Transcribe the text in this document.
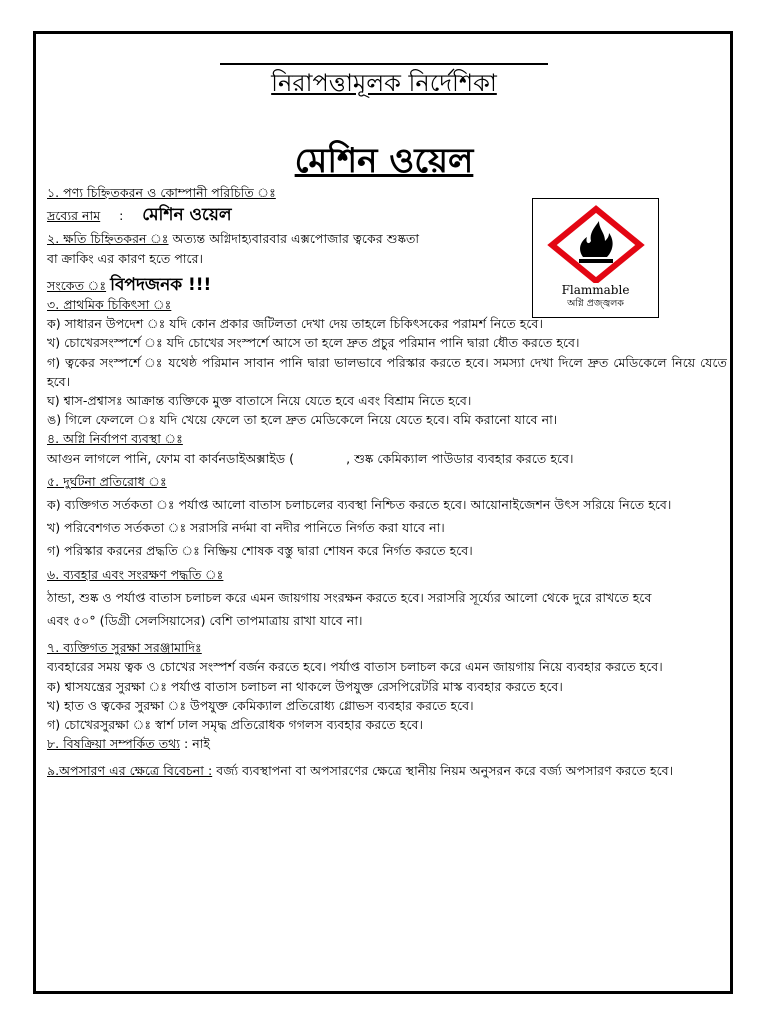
নিরাপত্তামূলক নির্দেশিকা
মেশিন ওয়েল
Flammable
অগ্নি প্রজ্জ্বলক
১. পণ্য চিহ্নিতকরন ও কোম্পানী পরিচিতি ঃ
দ্রব্যের নাম : মেশিন ওয়েল
২. ক্ষতি চিহ্নিতকরন ঃ অত্যন্ত অগ্নিদাহ্যবারবার এক্সপোজার ত্বকের শুষ্কতা
বা ক্রাকিং এর কারণ হতে পারে।
সংকেত ঃ বিপদজনক !!!
৩. প্রাথমিক চিকিৎসা ঃ
ক) সাধারন উপদেশ ঃ যদি কোন প্রকার জটিলতা দেখা দেয় তাহলে চিকিৎসকের পরামর্শ নিতে হবে।
খ) চোখেরসংস্পর্শে ঃ যদি চোখের সংস্পর্শে আসে তা হলে দ্রুত প্রচুর পরিমান পানি দ্বারা ধৌত করতে হবে।
গ) ত্বকের সংস্পর্শে ঃ যথেষ্ঠ পরিমান সাবান পানি দ্বারা ভালভাবে পরিস্কার করতে হবে। সমস্যা দেখা দিলে দ্রুত মেডিকেলে নিয়ে যেতে হবে।
ঘ) শ্বাস-প্রশ্বাসঃ আক্রান্ত ব্যক্তিকে মুক্ত বাতাসে নিয়ে যেতে হবে এবং বিশ্রাম নিতে হবে।
ঙ) গিলে ফেললে ঃ যদি খেয়ে ফেলে তা হলে দ্রুত মেডিকেলে নিয়ে যেতে হবে। বমি করানো যাবে না।
৪. অগ্নি নির্বাপণ ব্যবস্থা ঃ
আগুন লাগলে পানি, ফোম বা কার্বনডাইঅক্সাইড (	, শুষ্ক কেমিক্যাল পাউডার ব্যবহার করতে হবে।
৫. দুর্ঘটনা প্রতিরোধ ঃ
ক) ব্যক্তিগত সর্তকতা ঃ পর্যাপ্ত আলো বাতাস চলাচলের ব্যবস্থা নিশ্চিত করতে হবে। আয়োনাইজেশন উৎস সরিয়ে নিতে হবে।
খ) পরিবেশগত সর্তকতা ঃ সরাসরি নর্দমা বা নদীর পানিতে নির্গত করা যাবে না।
গ) পরিস্কার করনের প্রদ্ধতি ঃ নিষ্ক্রিয় শোষক বস্তু দ্বারা শোষন করে নির্গত করতে হবে।
৬. ব্যবহার এবং সংরক্ষণ পদ্ধতি ঃ
ঠান্ডা, শুষ্ক ও পর্যাপ্ত বাতাস চলাচল করে এমন জায়গায় সংরক্ষন করতে হবে। সরাসরি সূর্য্যের আলো থেকে দুরে রাখতে হবে
এবং ৫০° (ডিগ্রী সেলসিয়াসের) বেশি তাপমাত্রায় রাখা যাবে না।
৭. ব্যক্তিগত সুরক্ষা সরঞ্জামাদিঃ
ব্যবহারের সময় ত্বক ও চোখের সংস্পর্শ বর্জন করতে হবে। পর্যাপ্ত বাতাস চলাচল করে এমন জায়গায় নিয়ে ব্যবহার করতে হবে।
ক) শ্বাসযন্ত্রের সুরক্ষা ঃ পর্যাপ্ত বাতাস চলাচল না থাকলে উপযুক্ত রেসপিরেটরি মাস্ক ব্যবহার করতে হবে।
খ) হাত ও ত্বকের সুরক্ষা ঃ উপযুক্ত কেমিক্যাল প্রতিরোধ্য গ্লোভস ব্যবহার করতে হবে।
গ) চোখেরসুরক্ষা ঃ স্বার্শ ঢাল সমৃদ্ধ প্রতিরোধক গগলস ব্যবহার করতে হবে।
৮. বিষক্রিয়া সম্পর্কিত তথ্য : নাই
৯.অপসারণ এর ক্ষেত্রে বিবেচনা : বর্জ্য ব্যবস্থাপনা বা অপসারণের ক্ষেত্রে স্থানীয় নিয়ম অনুসরন করে বর্জ্য অপসারণ করতে হবে।
